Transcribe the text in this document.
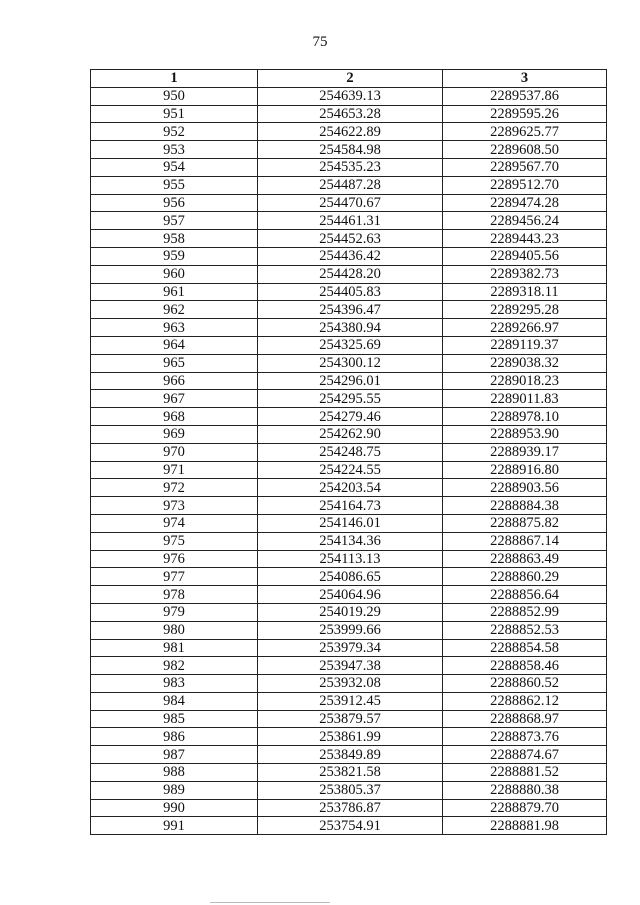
75
1	2	3
950	254639.13	2289537.86
951	254653.28	2289595.26
952	254622.89	2289625.77
953	254584.98	2289608.50
954	254535.23	2289567.70
955	254487.28	2289512.70
956	254470.67	2289474.28
957	254461.31	2289456.24
958	254452.63	2289443.23
959	254436.42	2289405.56
960	254428.20	2289382.73
961	254405.83	2289318.11
962	254396.47	2289295.28
963	254380.94	2289266.97
964	254325.69	2289119.37
965	254300.12	2289038.32
966	254296.01	2289018.23
967	254295.55	2289011.83
968	254279.46	2288978.10
969	254262.90	2288953.90
970	254248.75	2288939.17
971	254224.55	2288916.80
972	254203.54	2288903.56
973	254164.73	2288884.38
974	254146.01	2288875.82
975	254134.36	2288867.14
976	254113.13	2288863.49
977	254086.65	2288860.29
978	254064.96	2288856.64
979	254019.29	2288852.99
980	253999.66	2288852.53
981	253979.34	2288854.58
982	253947.38	2288858.46
983	253932.08	2288860.52
984	253912.45	2288862.12
985	253879.57	2288868.97
986	253861.99	2288873.76
987	253849.89	2288874.67
988	253821.58	2288881.52
989	253805.37	2288880.38
990	253786.87	2288879.70
991	253754.91	2288881.98
